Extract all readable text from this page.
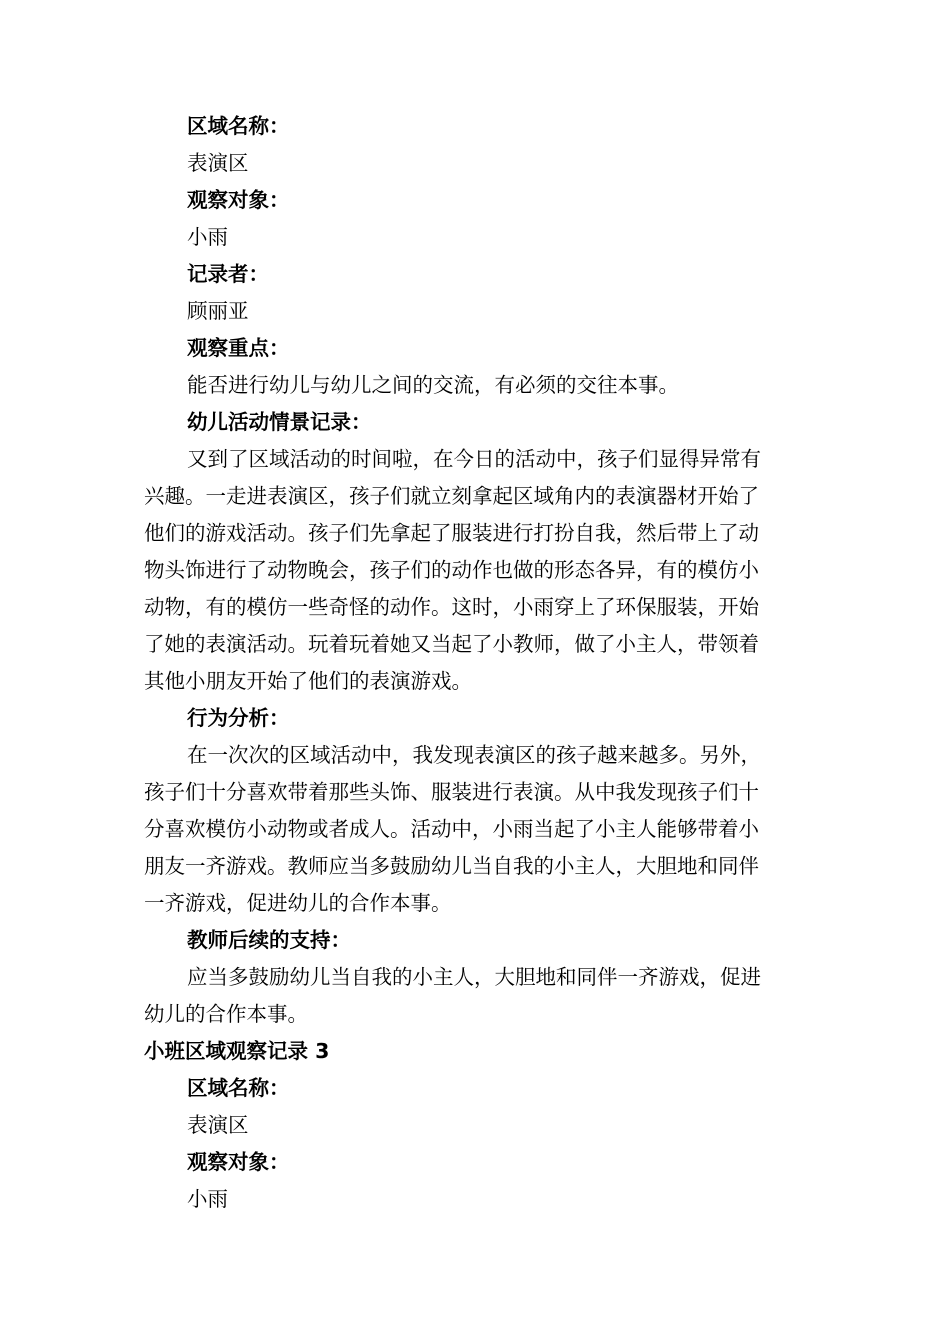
区域名称：
表演区
观察对象：
小雨
记录者：
顾丽亚
观察重点：
能否进行幼儿与幼儿之间的交流，有必须的交往本事。
幼儿活动情景记录：
又到了区域活动的时间啦，在今日的活动中，孩子们显得异常有
兴趣。一走进表演区，孩子们就立刻拿起区域角内的表演器材开始了
他们的游戏活动。孩子们先拿起了服装进行打扮自我，然后带上了动
物头饰进行了动物晚会，孩子们的动作也做的形态各异，有的模仿小
动物，有的模仿一些奇怪的动作。这时，小雨穿上了环保服装，开始
了她的表演活动。玩着玩着她又当起了小教师，做了小主人，带领着
其他小朋友开始了他们的表演游戏。
行为分析：
在一次次的区域活动中，我发现表演区的孩子越来越多。另外，
孩子们十分喜欢带着那些头饰、服装进行表演。从中我发现孩子们十
分喜欢模仿小动物或者成人。活动中，小雨当起了小主人能够带着小
朋友一齐游戏。教师应当多鼓励幼儿当自我的小主人，大胆地和同伴
一齐游戏，促进幼儿的合作本事。
教师后续的支持：
应当多鼓励幼儿当自我的小主人，大胆地和同伴一齐游戏，促进
幼儿的合作本事。
小班区域观察记录 3
区域名称：
表演区
观察对象：
小雨
